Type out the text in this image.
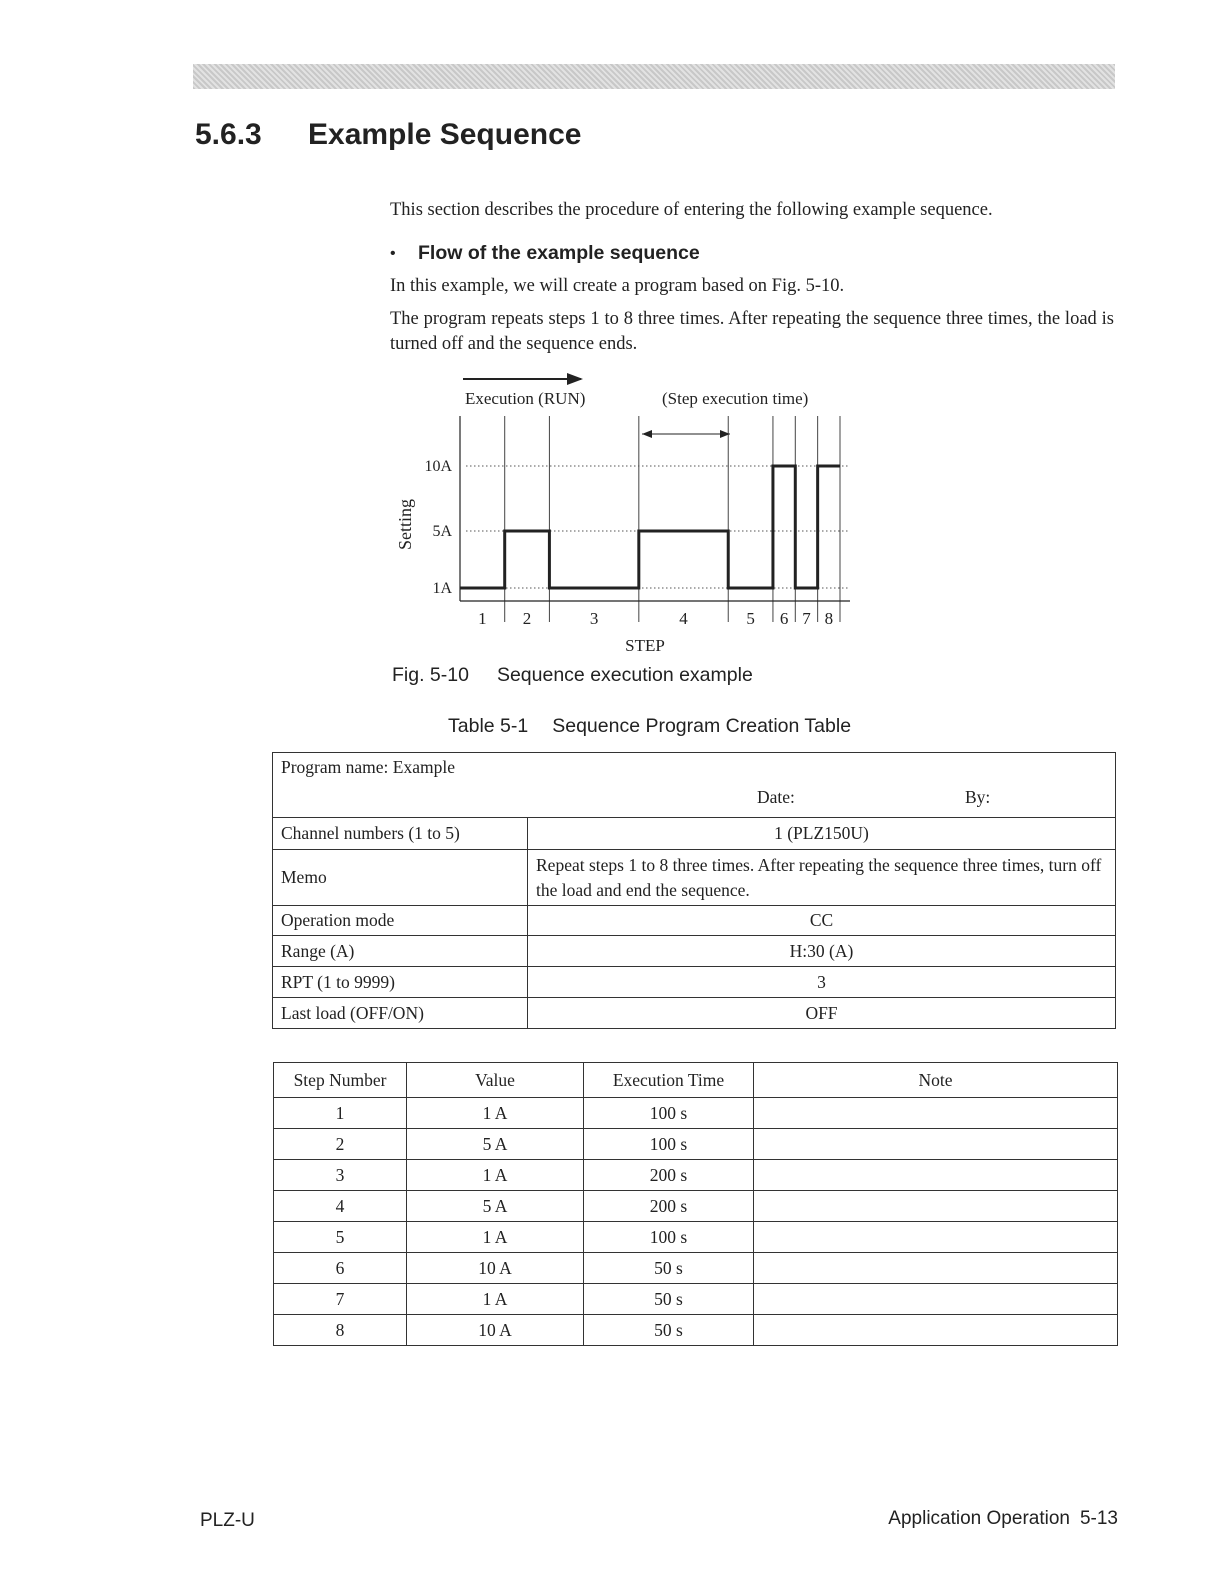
5.6.3 Example Sequence

This section describes the procedure of entering the following example sequence.

•	Flow of the example sequence

In this example, we will create a program based on Fig. 5-10.

The program repeats steps 1 to 8 three times. After repeating the sequence three times, the load is turned off and the sequence ends.

1A
5A
10A
Execution (RUN)	(Step execution time)
Setting
STEP
1 2	3	4	5 6 7 8
Fig. 5-10 Sequence execution example
Table 5-1 Sequence Program Creation Table
Program name: Example
Date: By:	

Channel numbers (1 to 5)	1 (PLZ150U)
Memo	Repeat steps 1 to 8 three times. After repeating the sequence three times, turn off the load and end the sequence.
Operation mode	CC
Range (A)	H:30 (A)
RPT (1 to 9999)	3
Last load (OFF/ON)	OFF
Step Number	Value	Execution Time	Note
1	1 A	100 s	
2	5 A	100 s	
3	1 A	200 s	
4	5 A	200 s	
5	1 A	100 s	
6	10 A	50 s	
7	1 A	50 s	
8	10 A	50 s	
PLZ-U	Application Operation 5-13
